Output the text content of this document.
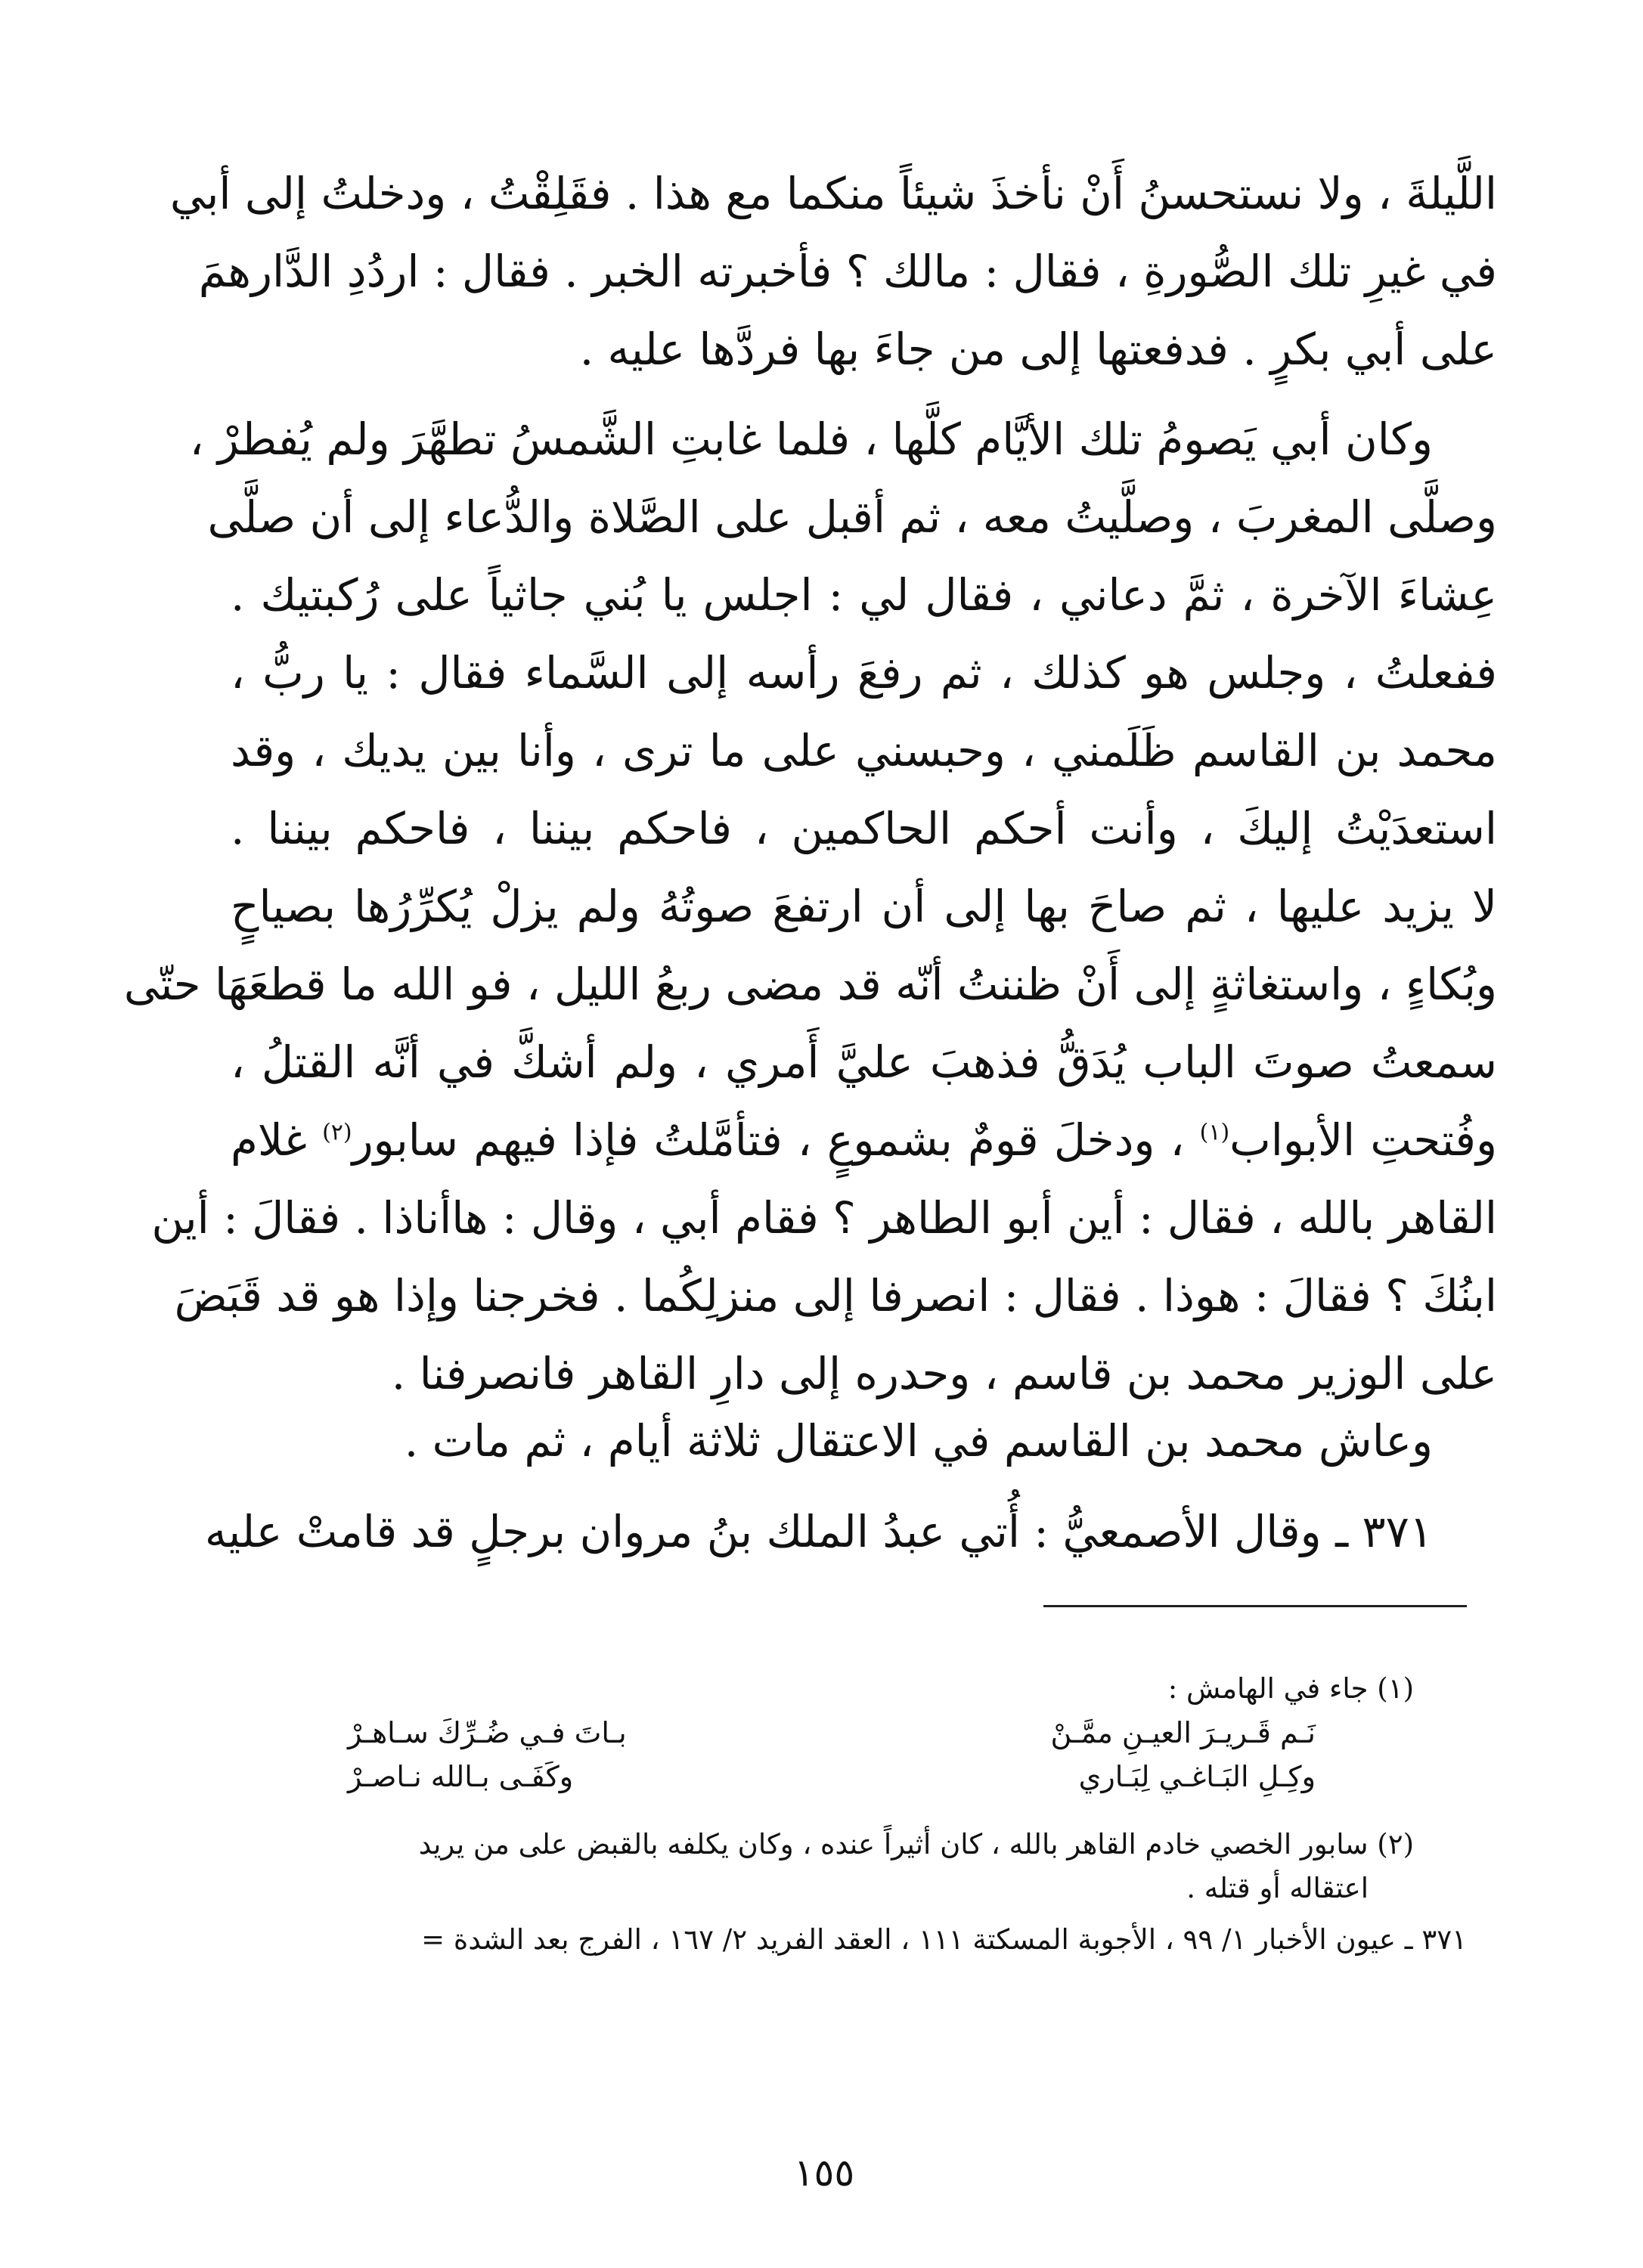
اللَّيلةَ ، ولا نستحسنُ أَنْ نأخذَ شيئاً منكما مع هذا . فقَلِقْتُ ، ودخلتُ إلى أبي
في غيرِ تلك الصُّورةِ ، فقال : مالك ؟ فأخبرته الخبر . فقال : اردُدِ الدَّارهمَ
على أبي بكرٍ . فدفعتها إلى من جاءَ بها فردَّها عليه .
وكان أبي يَصومُ تلك الأيَّام كلَّها ، فلما غابتِ الشَّمسُ تطهَّرَ ولم يُفطرْ ،
وصلَّى المغربَ ، وصلَّيتُ معه ، ثم أقبل على الصَّلاة والدُّعاء إلى أن صلَّى
عِشاءَ الآخرة ، ثمَّ دعاني ، فقال لي : اجلس يا بُني جاثياً على رُكبتيك .
ففعلتُ ، وجلس هو كذلك ، ثم رفعَ رأسه إلى السَّماء فقال : يا ربُّ ،
محمد بن القاسم ظَلَمني ، وحبسني على ما ترى ، وأنا بين يديك ، وقد
استعدَيْتُ إليكَ ، وأنت أحكم الحاكمين ، فاحكم بيننا ، فاحكم بيننا .
لا يزيد عليها ، ثم صاحَ بها إلى أن ارتفعَ صوتُهُ ولم يزلْ يُكرِّرُها بصياحٍ
وبُكاءٍ ، واستغاثةٍ إلى أَنْ ظننتُ أنّه قد مضى ربعُ الليل ، فو الله ما قطعَهَا حتّى
سمعتُ صوتَ الباب يُدَقُّ فذهبَ عليَّ أَمري ، ولم أشكَّ في أنَّه القتلُ ،
وفُتحتِ الأبواب$^{(١)}$ ، ودخلَ قومٌ بشموعٍ ، فتأمَّلتُ فإذا فيهم سابور$^{(٢)}$ غلام
القاهر بالله ، فقال : أين أبو الطاهر ؟ فقام أبي ، وقال : هاأناذا . فقالَ : أين
ابنُكَ ؟ فقالَ : هوذا . فقال : انصرفا إلى منزلِكُما . فخرجنا وإذا هو قد قَبَضَ
على الوزير محمد بن قاسم ، وحدره إلى دارِ القاهر فانصرفنا .
وعاش محمد بن القاسم في الاعتقال ثلاثة أيام ، ثم مات .
٣٧١ ـ وقال الأصمعيُّ : أُتي عبدُ الملك بنُ مروان برجلٍ قد قامتْ عليه
(١) جاء في الهامش :
نَـم قَـريـرَ العيـنِ ممَّـنْ
بـاتَ فـي ضُـرِّكَ سـاهـرْ
وكِـلِ البَـاغـي لِبَـاري
وكَفَـى بـالله نـاصـرْ
(٢) سابور الخصي خادم القاهر بالله ، كان أثيراً عنده ، وكان يكلفه بالقبض على من يريد
اعتقاله أو قتله .
٣٧١ ـ عيون الأخبار ١/ ٩٩ ، الأجوبة المسكتة ١١١ ، العقد الفريد ٢/ ١٦٧ ، الفرج بعد الشدة =
١٥٥
